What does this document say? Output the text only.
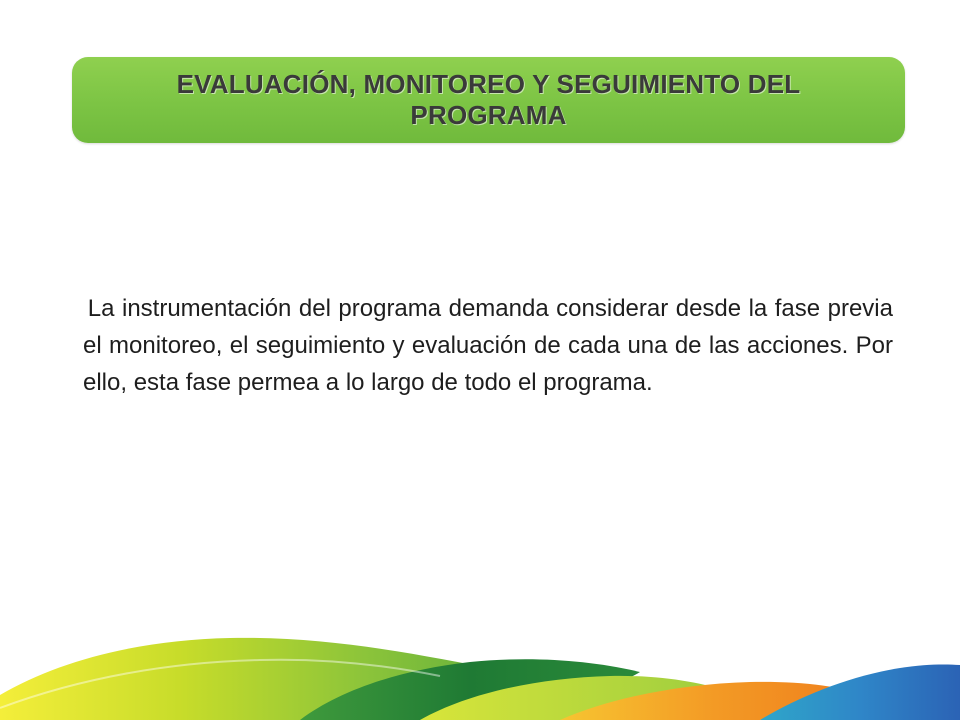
EVALUACIÓN, MONITOREO Y SEGUIMIENTO DEL PROGRAMA

La instrumentación del programa demanda considerar desde la fase previa el monitoreo, el seguimiento y evaluación de cada una de las acciones. Por ello, esta fase permea a lo largo de todo el programa.
